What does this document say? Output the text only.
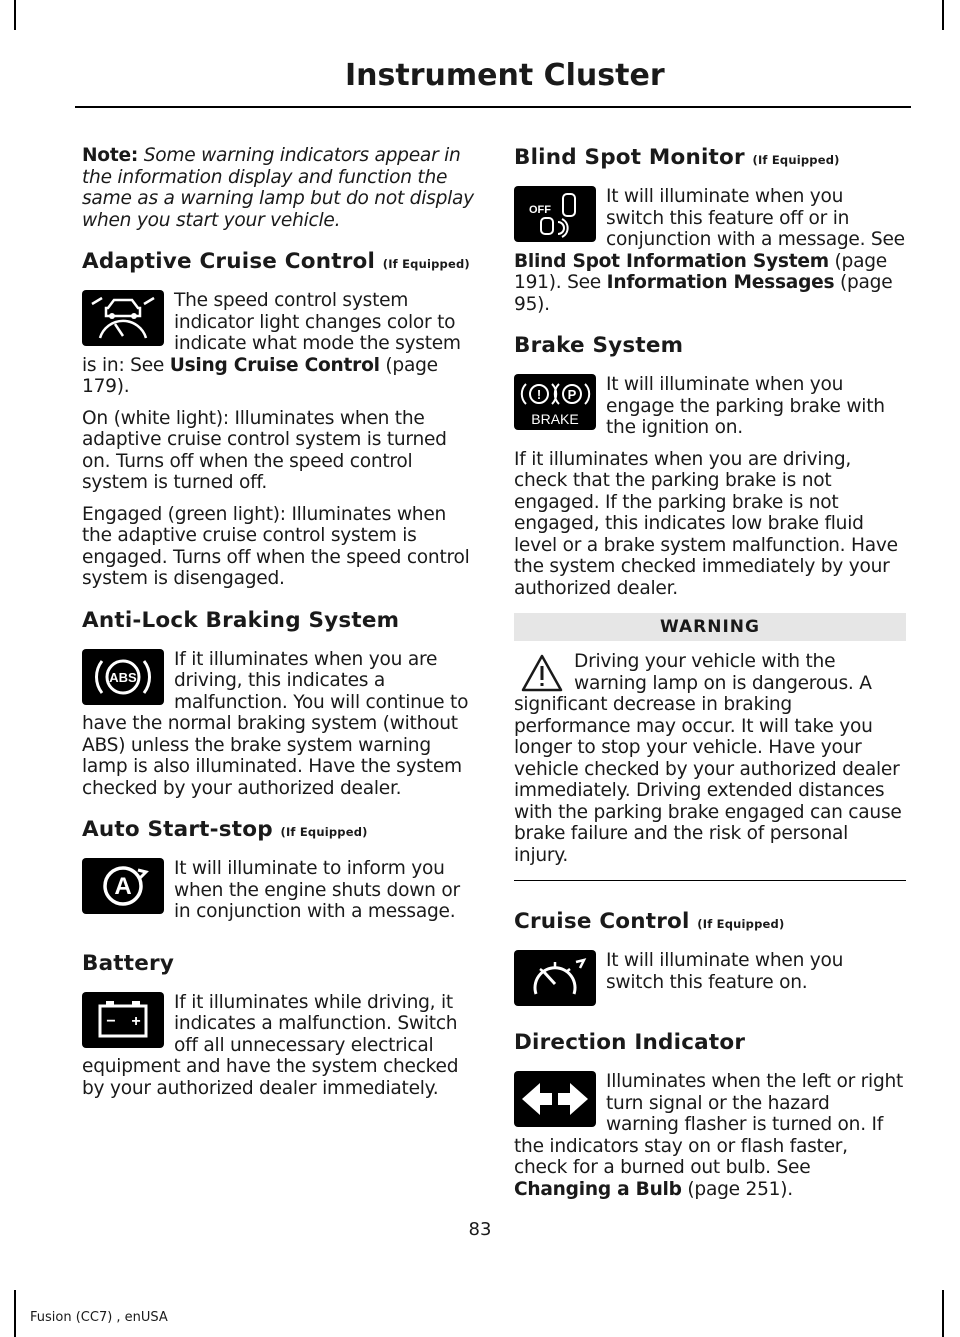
Instrument Cluster

Note: Some warning indicators appear in the information display and function the same as a warning lamp but do not display when you start your vehicle.

Adaptive Cruise Control (If Equipped)

The speed control system indicator light changes color to indicate what mode the system is in: See Using Cruise Control (page 179).

On (white light): Illuminates when the adaptive cruise control system is turned on. Turns off when the speed control system is turned off.

Engaged (green light): Illuminates when the adaptive cruise control system is engaged. Turns off when the speed control system is disengaged.

Anti-Lock Braking System
ABS

If it illuminates when you are driving, this indicates a malfunction. You will continue to have the normal braking system (without ABS) unless the brake system warning lamp is also illuminated. Have the system checked by your authorized dealer.

Auto Start-stop (If Equipped)
A

It will illuminate to inform you when the engine shuts down or in conjunction with a message.

Battery
− +

If it illuminates while driving, it indicates a malfunction. Switch off all unnecessary electrical equipment and have the system checked by your authorized dealer immediately.

Blind Spot Monitor (If Equipped)
OFF

It will illuminate when you switch this feature off or in conjunction with a message. See Blind Spot Information System (page 191). See Information Messages (page 95).

Brake System
! P
BRAKE

It will illuminate when you engage the parking brake with the ignition on.

If it illuminates when you are driving, check that the parking brake is not engaged. If the parking brake is not engaged, this indicates low brake fluid level or a brake system malfunction. Have the system checked immediately by your authorized dealer.

WARNING

Driving your vehicle with the warning lamp on is dangerous. A significant decrease in braking performance may occur. It will take you longer to stop your vehicle. Have your vehicle checked by your authorized dealer immediately. Driving extended distances with the parking brake engaged can cause brake failure and the risk of personal injury.

Cruise Control (If Equipped)

It will illuminate when you switch this feature on.

Direction Indicator

Illuminates when the left or right turn signal or the hazard warning flasher is turned on. If the indicators stay on or flash faster, check for a burned out bulb. See Changing a Bulb (page 251).

83
Fusion (CC7) , enUSA
